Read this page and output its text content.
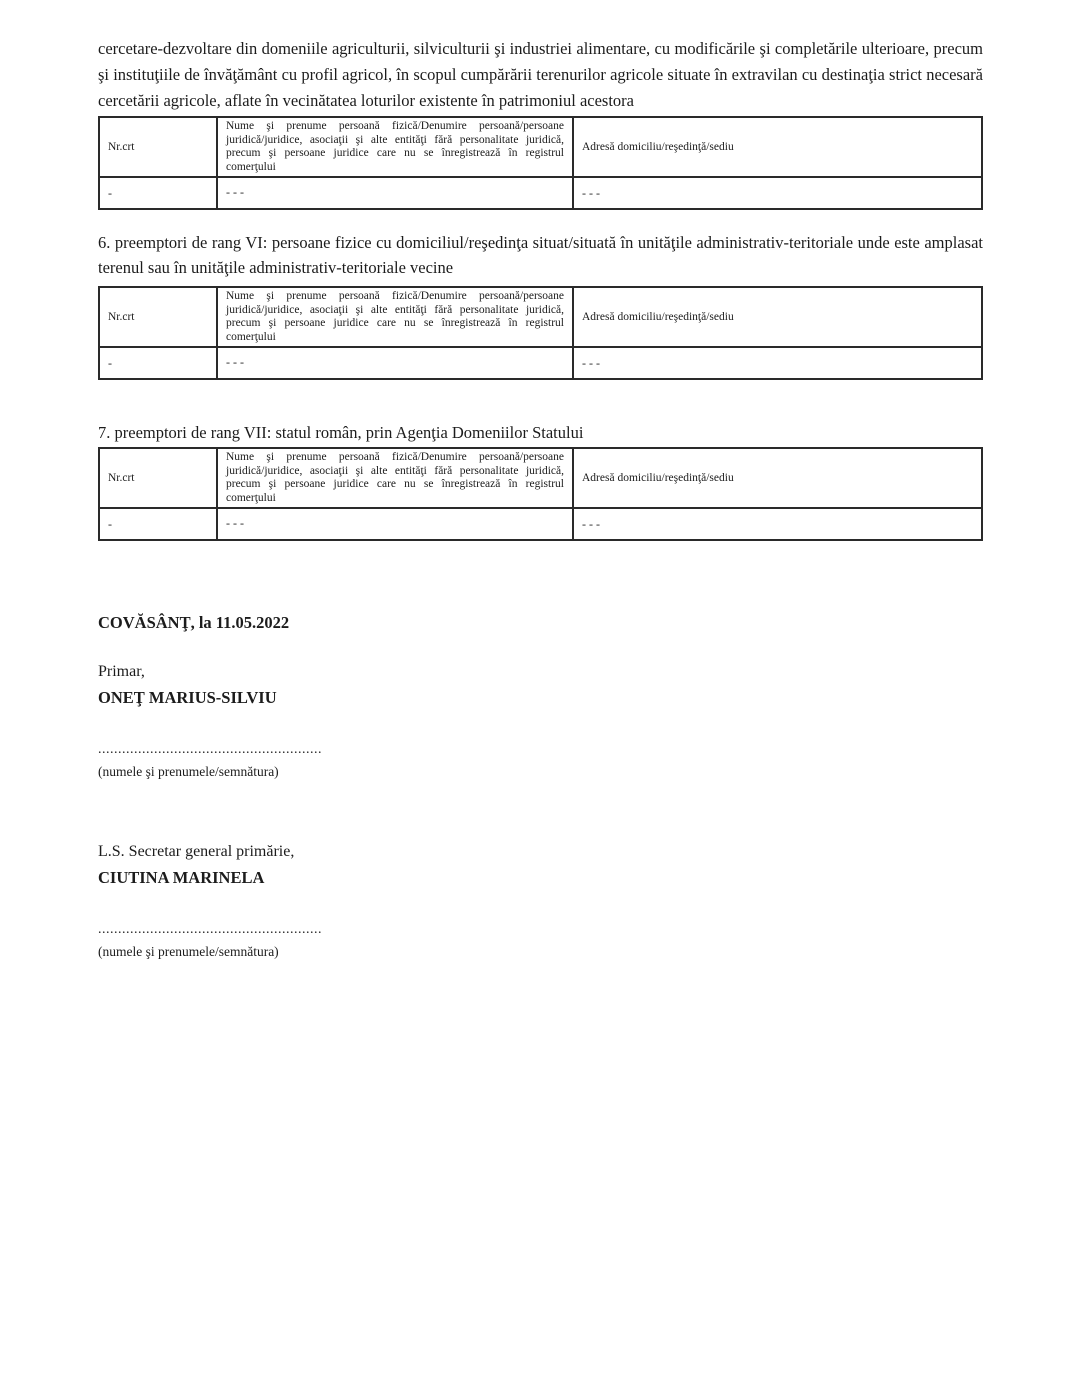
cercetare-dezvoltare din domeniile agriculturii, silviculturii şi industriei alimentare, cu modificările şi completările ulterioare, precum şi instituţiile de învăţământ cu profil agricol, în scopul cumpărării terenurilor agricole situate în extravilan cu destinaţia strict necesară cercetării agricole, aflate în vecinătatea loturilor existente în patrimoniul acestora

Nr.crt	Nume şi prenume persoană fizică/Denumire persoană/persoane juridică/juridice, asociaţii şi alte entităţi fără personalitate juridică, precum şi persoane juridice care nu se înregistrează în registrul comerţului	Adresă domiciliu/reşedinţă/sediu
-	- - -	- - -

6. preemptori de rang VI: persoane fizice cu domiciliul/reşedinţa situat/situată în unităţile administrativ-teritoriale unde este amplasat terenul sau în unităţile administrativ-teritoriale vecine

Nr.crt	Nume şi prenume persoană fizică/Denumire persoană/persoane juridică/juridice, asociaţii şi alte entităţi fără personalitate juridică, precum şi persoane juridice care nu se înregistrează în registrul comerţului	Adresă domiciliu/reşedinţă/sediu
-	- - -	- - -

7. preemptori de rang VII: statul român, prin Agenţia Domeniilor Statului

Nr.crt	Nume şi prenume persoană fizică/Denumire persoană/persoane juridică/juridice, asociaţii şi alte entităţi fără personalitate juridică, precum şi persoane juridice care nu se înregistrează în registrul comerţului	Adresă domiciliu/reşedinţă/sediu
-	- - -	- - -
COVĂSÂNŢ, la 11.05.2022
Primar,
ONEŢ MARIUS-SILVIU
........................................................
(numele şi prenumele/semnătura)
L.S. Secretar general primărie,
CIUTINA MARINELA
........................................................
(numele şi prenumele/semnătura)
